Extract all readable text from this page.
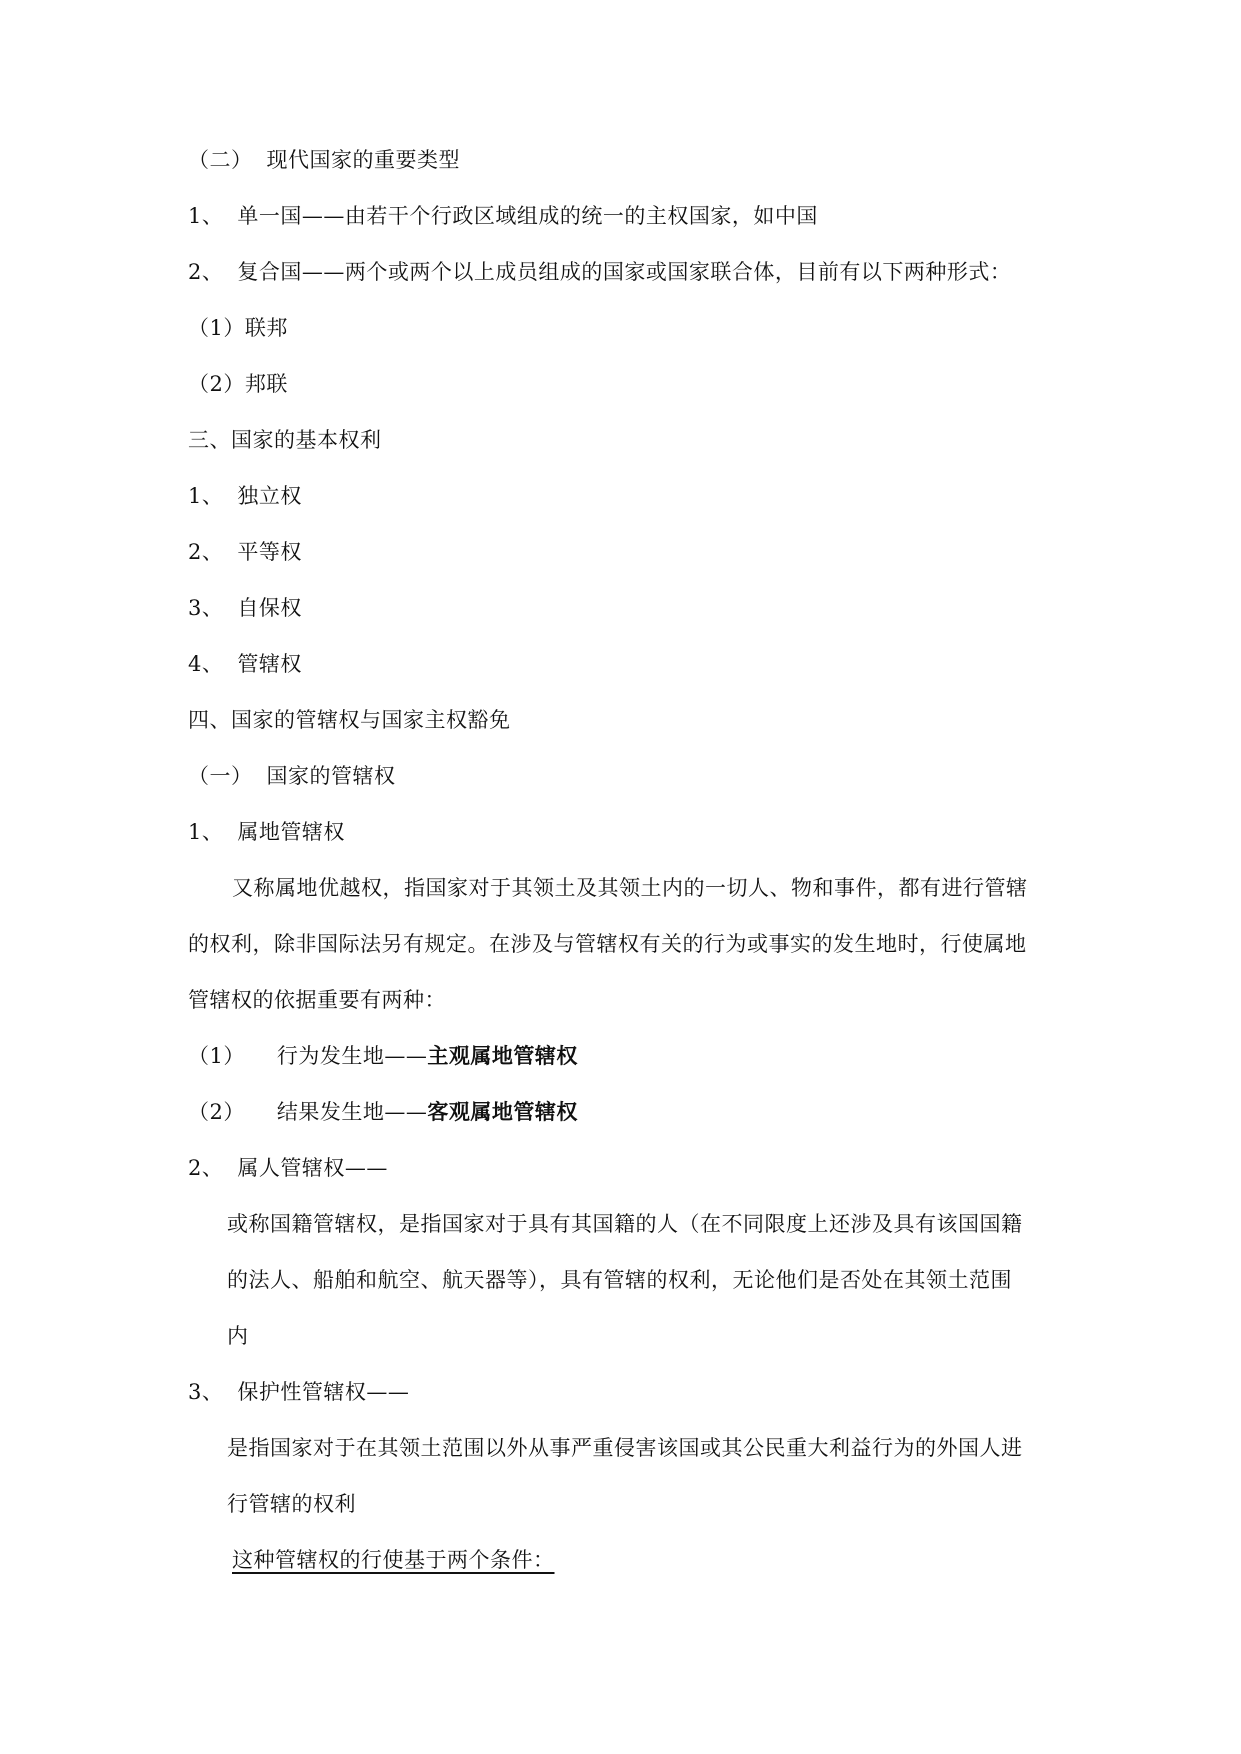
（二） 现代国家的重要类型
1、 单一国——由若干个行政区域组成的统一的主权国家，如中国
2、 复合国——两个或两个以上成员组成的国家或国家联合体，目前有以下两种形式：
（1）联邦
（2）邦联
三、国家的基本权利
1、 独立权
2、 平等权
3、 自保权
4、 管辖权
四、国家的管辖权与国家主权豁免
（一） 国家的管辖权
1、 属地管辖权
又称属地优越权，指国家对于其领土及其领土内的一切人、物和事件，都有进行管辖
的权利，除非国际法另有规定。在涉及与管辖权有关的行为或事实的发生地时，行使属地
管辖权的依据重要有两种：
（1） 行为发生地——主观属地管辖权
（2） 结果发生地——客观属地管辖权
2、 属人管辖权——
或称国籍管辖权，是指国家对于具有其国籍的人（在不同限度上还涉及具有该国国籍
的法人、船舶和航空、航天器等），具有管辖的权利，无论他们是否处在其领土范围
内
3、 保护性管辖权——
是指国家对于在其领土范围以外从事严重侵害该国或其公民重大利益行为的外国人进
行管辖的权利
这种管辖权的行使基于两个条件：
